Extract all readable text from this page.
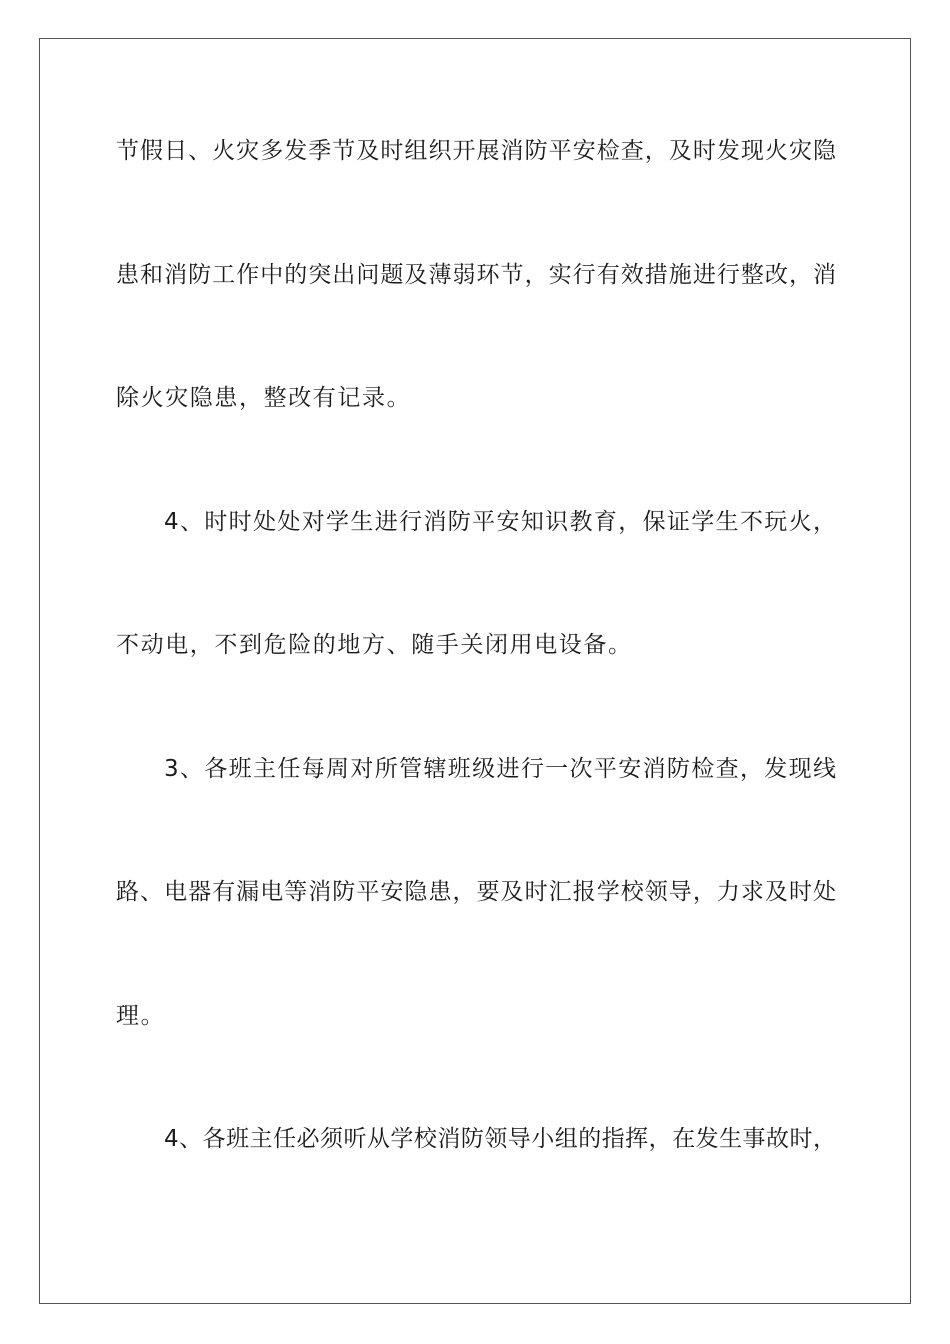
节假日、火灾多发季节及时组织开展消防平安检查，及时发现火灾隐
患和消防工作中的突出问题及薄弱环节，实行有效措施进行整改，消
除火灾隐患，整改有记录。
4、时时处处对学生进行消防平安知识教育，保证学生不玩火，
不动电，不到危险的地方、随手关闭用电设备。
3、各班主任每周对所管辖班级进行一次平安消防检查，发现线
路、电器有漏电等消防平安隐患，要及时汇报学校领导，力求及时处
理。
4、各班主任必须听从学校消防领导小组的指挥，在发生事故时，
